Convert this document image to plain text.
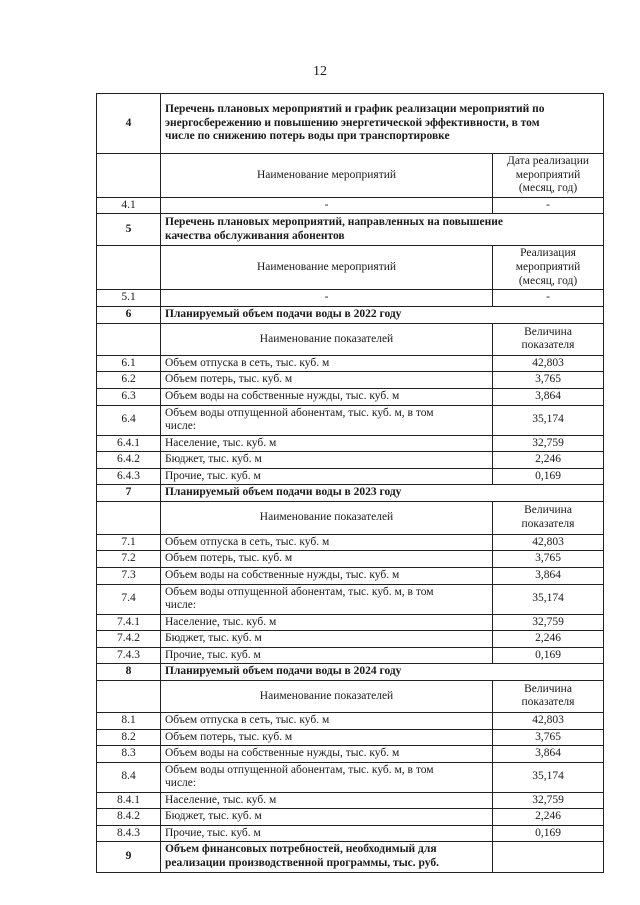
12
4	Перечень плановых мероприятий и график реализации мероприятий по
энергосбережению и повышению энергетической эффективности, в том
числе по снижению потерь воды при транспортировке	

	Наименование мероприятий	Дата реализации
мероприятий
(месяц, год)

4.1	-	-
5	Перечень плановых мероприятий, направленных на повышение
качества обслуживания абонентов	

	Наименование мероприятий	Реализация
мероприятий
(месяц, год)

5.1	-	-
6	Планируемый объем подачи воды в 2022 году	
	Наименование показателей	Величина
показателя

6.1	Объем отпуска в сеть, тыс. куб. м	42,803
6.2	Объем потерь, тыс. куб. м	3,765
6.3	Объем воды на собственные нужды, тыс. куб. м	3,864
6.4	Объем воды отпущенной абонентам, тыс. куб. м, в том
числе:	35,174
6.4.1	Население, тыс. куб. м	32,759
6.4.2	Бюджет, тыс. куб. м	2,246
6.4.3	Прочие, тыс. куб. м	0,169
7	Планируемый объем подачи воды в 2023 году	
	Наименование показателей	Величина
показателя

7.1	Объем отпуска в сеть, тыс. куб. м	42,803
7.2	Объем потерь, тыс. куб. м	3,765
7.3	Объем воды на собственные нужды, тыс. куб. м	3,864
7.4	Объем воды отпущенной абонентам, тыс. куб. м, в том
числе:	35,174
7.4.1	Население, тыс. куб. м	32,759
7.4.2	Бюджет, тыс. куб. м	2,246
7.4.3	Прочие, тыс. куб. м	0,169
8	Планируемый объем подачи воды в 2024 году	
	Наименование показателей	Величина
показателя

8.1	Объем отпуска в сеть, тыс. куб. м	42,803
8.2	Объем потерь, тыс. куб. м	3,765
8.3	Объем воды на собственные нужды, тыс. куб. м	3,864
8.4	Объем воды отпущенной абонентам, тыс. куб. м, в том
числе:	35,174
8.4.1	Население, тыс. куб. м	32,759
8.4.2	Бюджет, тыс. куб. м	2,246
8.4.3	Прочие, тыс. куб. м	0,169
9	Объем финансовых потребностей, необходимый для
реализации производственной программы, тыс. руб.	
